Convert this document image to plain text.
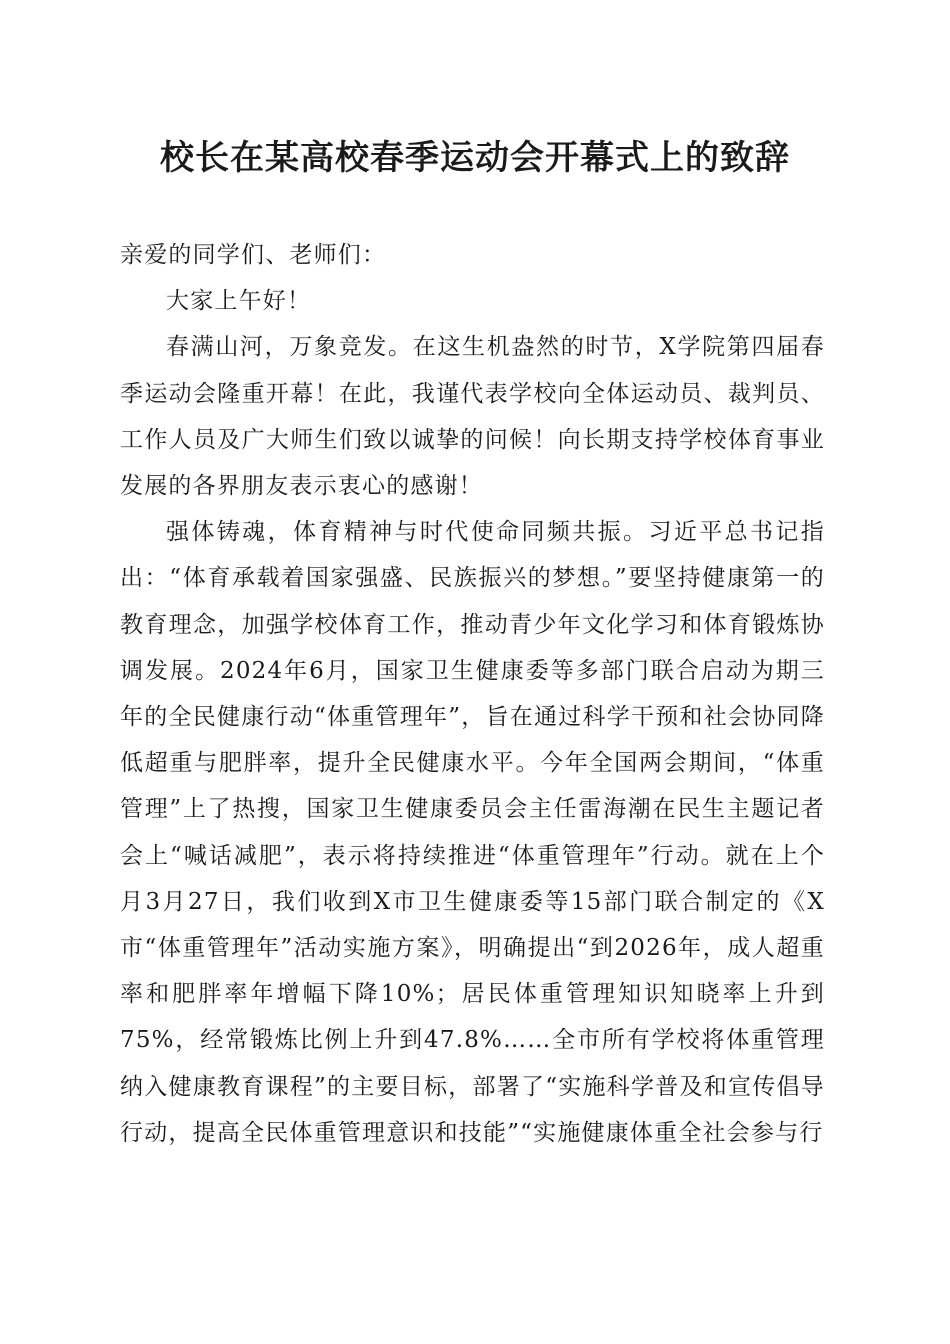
校长在某高校春季运动会开幕式上的致辞

亲爱的同学们、老师们：

大家上午好！

春满山河，万象竞发。在这生机盎然的时节，X学院第四届春季运动会隆重开幕！在此，我谨代表学校向全体运动员、裁判员、工作人员及广大师生们致以诚挚的问候！向长期支持学校体育事业发展的各界朋友表示衷心的感谢！

强体铸魂，体育精神与时代使命同频共振。习近平总书记指出：“体育承载着国家强盛、民族振兴的梦想。”要坚持健康第一的教育理念，加强学校体育工作，推动青少年文化学习和体育锻炼协调发展。2024年6月，国家卫生健康委等多部门联合启动为期三年的全民健康行动“体重管理年”，旨在通过科学干预和社会协同降低超重与肥胖率，提升全民健康水平。今年全国两会期间，“体重管理”上了热搜，国家卫生健康委员会主任雷海潮在民生主题记者会上“喊话减肥”，表示将持续推进“体重管理年”行动。就在上个月3月27日，我们收到X市卫生健康委等15部门联合制定的《X市“体重管理年”活动实施方案》，明确提出“到2026年，成人超重率和肥胖率年增幅下降10%；居民体重管理知识知晓率上升到75%，经常锻炼比例上升到47.8%……全市所有学校将体重管理纳入健康教育课程”的主要目标，部署了“实施科学普及和宣传倡导行动，提高全民体重管理意识和技能”“实施健康体重全社会参与行
